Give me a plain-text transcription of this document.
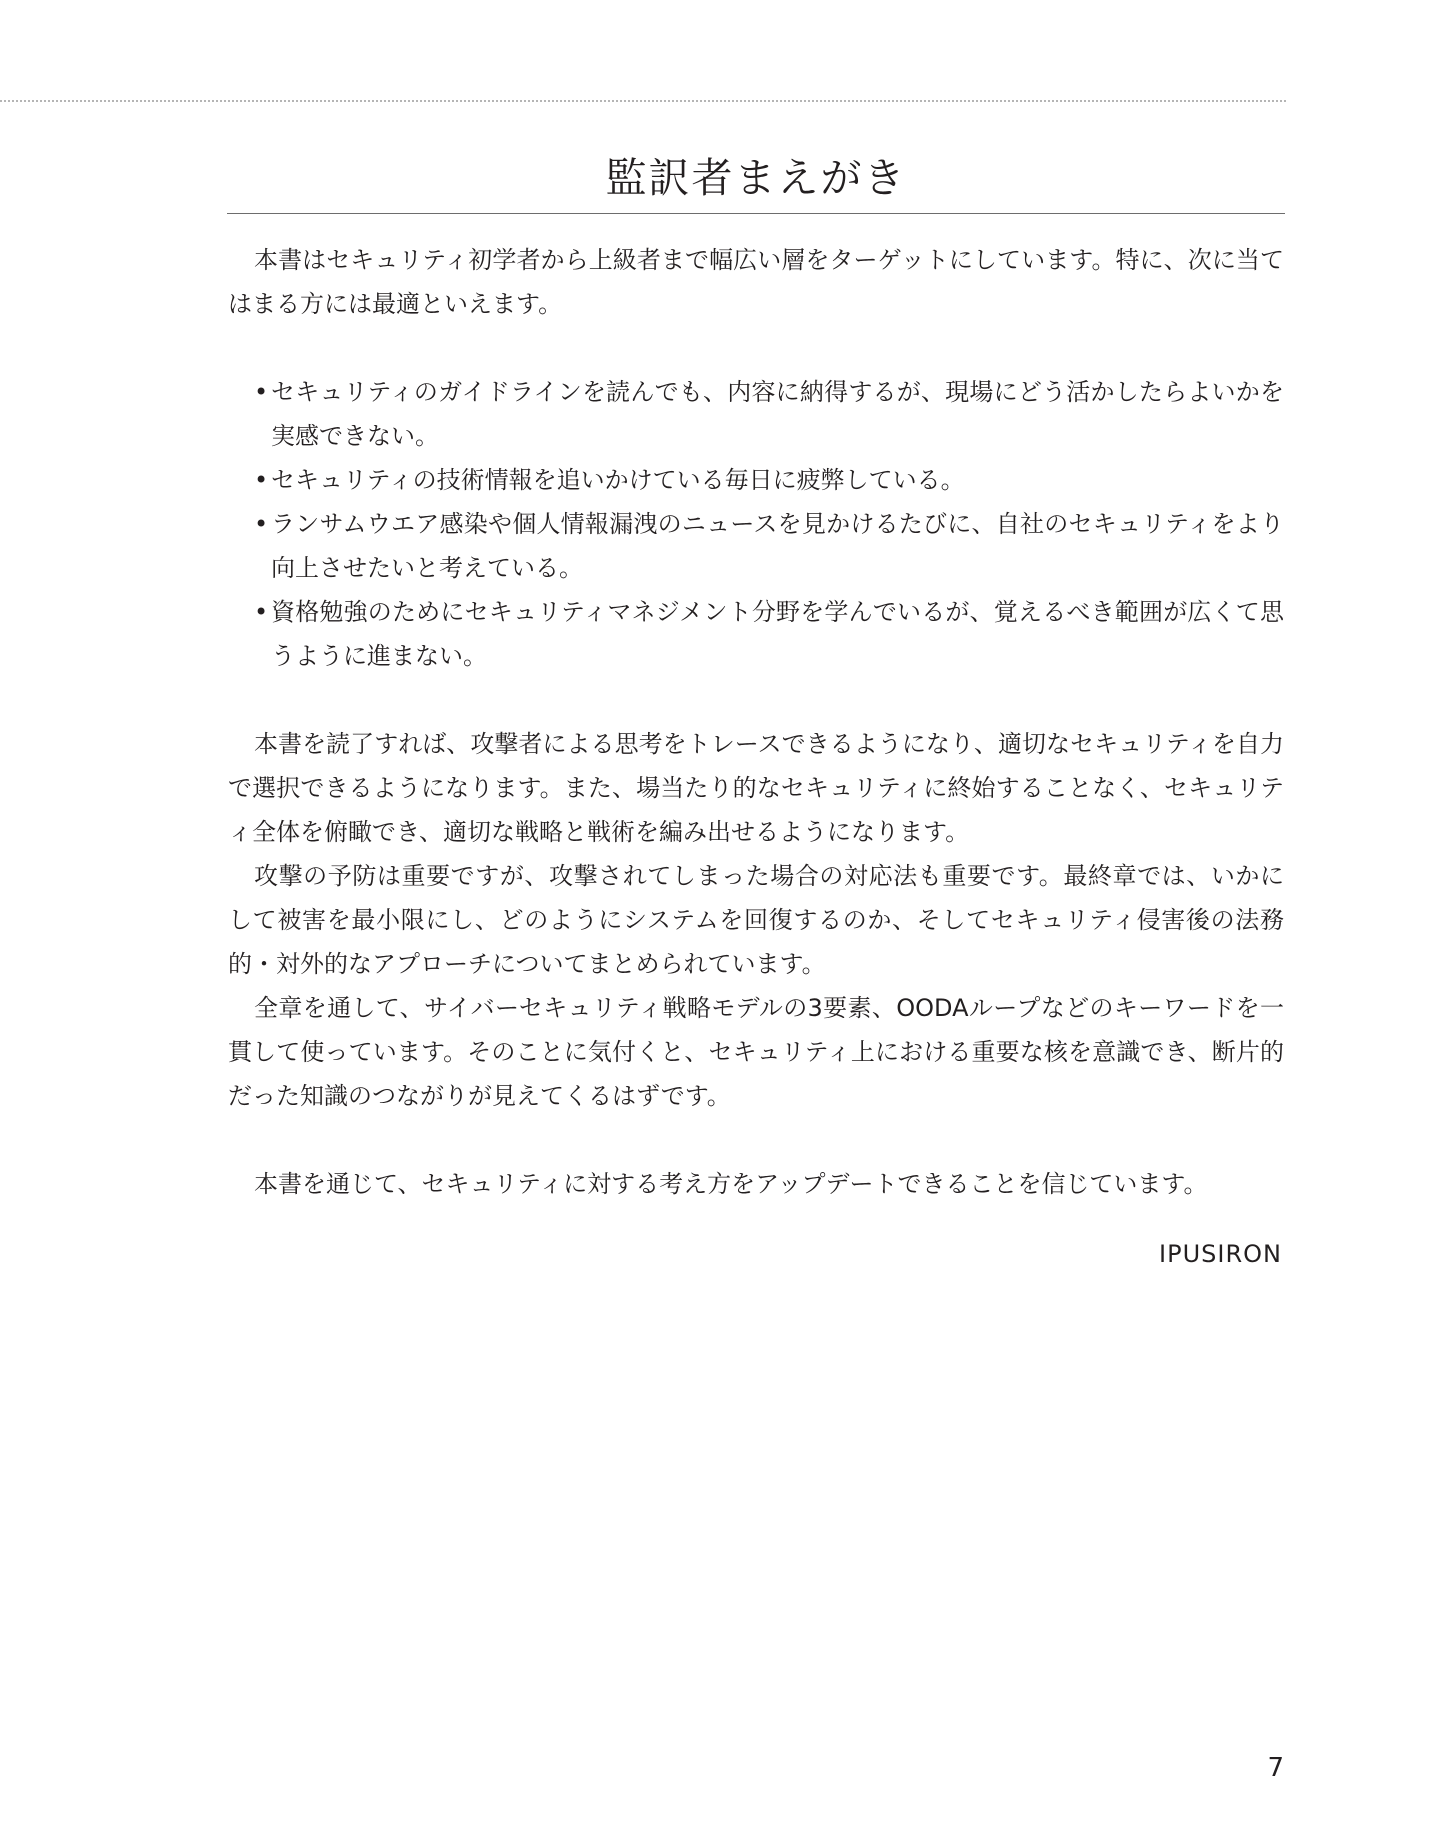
監訳者まえがき

本書はセキュリティ初学者から上級者まで幅広い層をターゲットにしています。特に、次に当てはまる方には最適といえます。

• セキュリティのガイドラインを読んでも、内容に納得するが、現場にどう活かしたらよいかを実感できない。
• セキュリティの技術情報を追いかけている毎日に疲弊している。
• ランサムウエア感染や個人情報漏洩のニュースを見かけるたびに、自社のセキュリティをより向上させたいと考えている。
• 資格勉強のためにセキュリティマネジメント分野を学んでいるが、覚えるべき範囲が広くて思うように進まない。

本書を読了すれば、攻撃者による思考をトレースできるようになり、適切なセキュリティを自力で選択できるようになります。また、場当たり的なセキュリティに終始することなく、セキュリティ全体を俯瞰でき、適切な戦略と戦術を編み出せるようになります。

攻撃の予防は重要ですが、攻撃されてしまった場合の対応法も重要です。最終章では、いかにして被害を最小限にし、どのようにシステムを回復するのか、そしてセキュリティ侵害後の法務的・対外的なアプローチについてまとめられています。

全章を通して、サイバーセキュリティ戦略モデルの3要素、OODAループなどのキーワードを一貫して使っています。そのことに気付くと、セキュリティ上における重要な核を意識でき、断片的だった知識のつながりが見えてくるはずです。

本書を通じて、セキュリティに対する考え方をアップデートできることを信じています。

IPUSIRON
7
